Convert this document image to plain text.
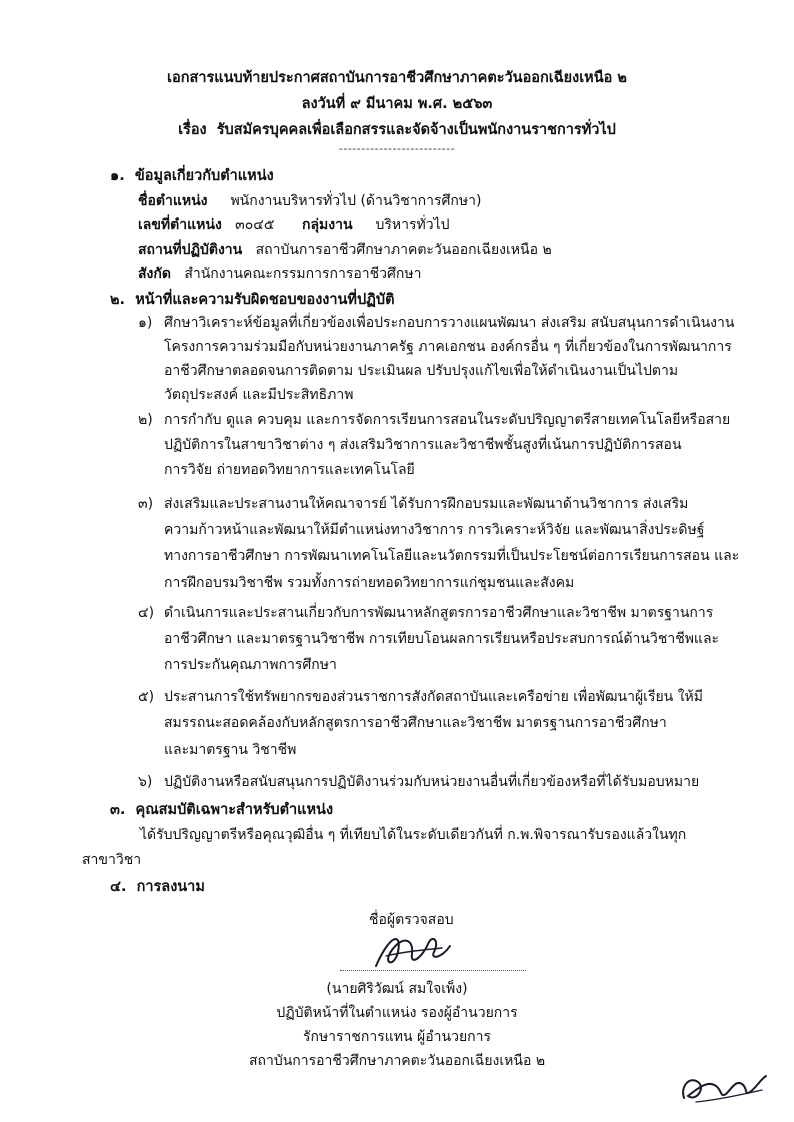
เอกสารแนบท้ายประกาศสถาบันการอาชีวศึกษาภาคตะวันออกเฉียงเหนือ ๒
ลงวันที่ ๙ มีนาคม พ.ศ. ๒๕๖๓
เรื่อง รับสมัครบุคคลเพื่อเลือกสรรและจัดจ้างเป็นพนักงานราชการทั่วไป
--------------------------
๑. ข้อมูลเกี่ยวกับตำแหน่ง
ชื่อตำแหน่ง พนักงานบริหารทั่วไป (ด้านวิชาการศึกษา)
เลขที่ตำแหน่ง ๓๐๔๕ กลุ่มงาน บริหารทั่วไป
สถานที่ปฏิบัติงาน สถาบันการอาชีวศึกษาภาคตะวันออกเฉียงเหนือ ๒
สังกัด สำนักงานคณะกรรมการการอาชีวศึกษา
๒. หน้าที่และความรับผิดชอบของงานที่ปฏิบัติ
๑) ศึกษาวิเคราะห์ข้อมูลที่เกี่ยวข้องเพื่อประกอบการวางแผนพัฒนา ส่งเสริม สนับสนุนการดำเนินงาน
โครงการความร่วมมือกับหน่วยงานภาครัฐ ภาคเอกชน องค์กรอื่น ๆ ที่เกี่ยวข้องในการพัฒนาการ
อาชีวศึกษาตลอดจนการติดตาม ประเมินผล ปรับปรุงแก้ไขเพื่อให้ดำเนินงานเป็นไปตาม
วัตถุประสงค์ และมีประสิทธิภาพ
๒) การกำกับ ดูแล ควบคุม และการจัดการเรียนการสอนในระดับปริญญาตรีสายเทคโนโลยีหรือสาย
ปฏิบัติการในสาขาวิชาต่าง ๆ ส่งเสริมวิชาการและวิชาชีพชั้นสูงที่เน้นการปฏิบัติการสอน
การวิจัย ถ่ายทอดวิทยาการและเทคโนโลยี
๓) ส่งเสริมและประสานงานให้คณาจารย์ ได้รับการฝึกอบรมและพัฒนาด้านวิชาการ ส่งเสริม
ความก้าวหน้าและพัฒนาให้มีตำแหน่งทางวิชาการ การวิเคราะห์วิจัย และพัฒนาสิ่งประดิษฐ์
ทางการอาชีวศึกษา การพัฒนาเทคโนโลยีและนวัตกรรมที่เป็นประโยชน์ต่อการเรียนการสอน และ
การฝึกอบรมวิชาชีพ รวมทั้งการถ่ายทอดวิทยาการแก่ชุมชนและสังคม
๔) ดำเนินการและประสานเกี่ยวกับการพัฒนาหลักสูตรการอาชีวศึกษาและวิชาชีพ มาตรฐานการ
อาชีวศึกษา และมาตรฐานวิชาชีพ การเทียบโอนผลการเรียนหรือประสบการณ์ด้านวิชาชีพและ
การประกันคุณภาพการศึกษา
๕) ประสานการใช้ทรัพยากรของส่วนราชการสังกัดสถาบันและเครือข่าย เพื่อพัฒนาผู้เรียน ให้มี
สมรรถนะสอดคล้องกับหลักสูตรการอาชีวศึกษาและวิชาชีพ มาตรฐานการอาชีวศึกษา
และมาตรฐาน วิชาชีพ
๖) ปฏิบัติงานหรือสนับสนุนการปฏิบัติงานร่วมกับหน่วยงานอื่นที่เกี่ยวข้องหรือที่ได้รับมอบหมาย
๓. คุณสมบัติเฉพาะสำหรับตำแหน่ง
ได้รับปริญญาตรีหรือคุณวุฒิอื่น ๆ ที่เทียบได้ในระดับเดียวกันที่ ก.พ.พิจารณารับรองแล้วในทุก
สาขาวิชา
๔. การลงนาม
ชื่อผู้ตรวจสอบ
(นายศิริวัฒน์ สมใจเพ็ง)
ปฏิบัติหน้าที่ในตำแหน่ง รองผู้อำนวยการ
รักษาราชการแทน ผู้อำนวยการ
สถาบันการอาชีวศึกษาภาคตะวันออกเฉียงเหนือ ๒
